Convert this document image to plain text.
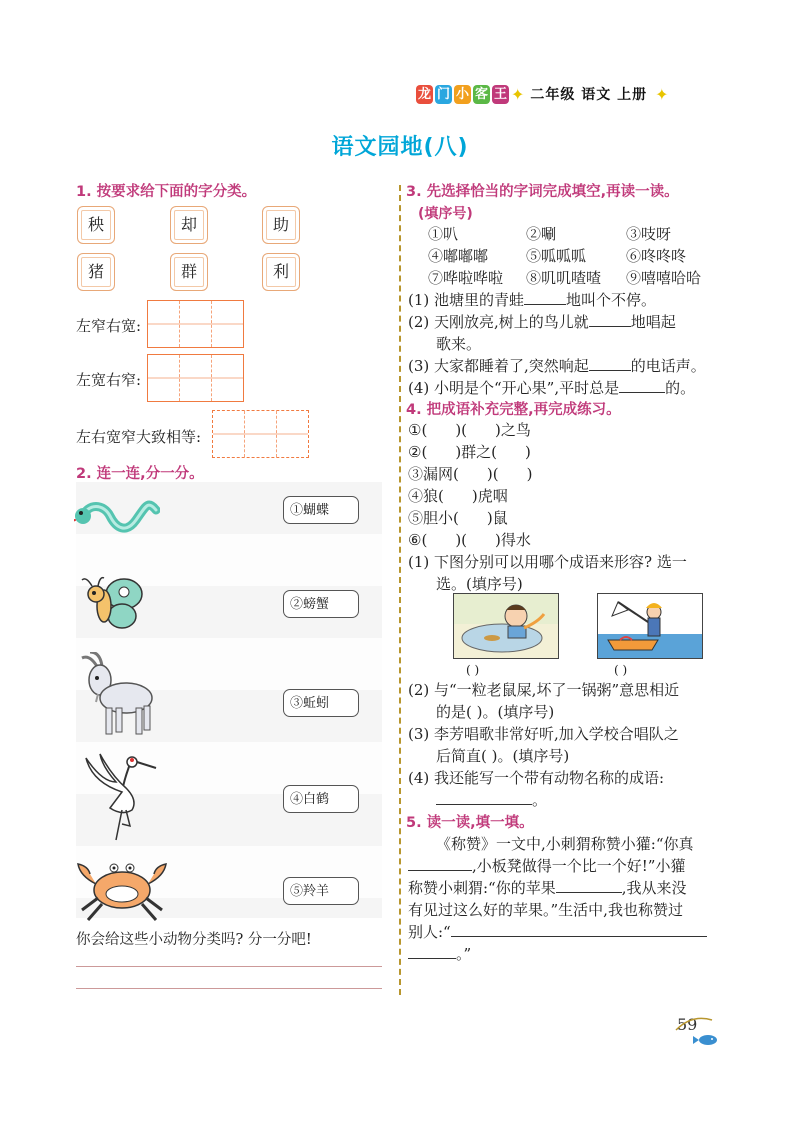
龙 门 小 客 王 ✦ 二年级 语文 上册 ✦
语文园地(八)
1. 按要求给下面的字分类。
秧	却	助
猪	群	利
左窄右宽:
左宽右窄:
左右宽窄大致相等:
2. 连一连,分一分。
①蝴蝶
②螃蟹
③蚯蚓
④白鹤
⑤羚羊
你会给这些小动物分类吗? 分一分吧!
3. 先选择恰当的字词完成填空,再读一读。
(填序号)
①叭	②唰	③吱呀
④嘟嘟嘟	⑤呱呱呱	⑥咚咚咚
⑦哗啦哗啦 ⑧叽叽喳喳 ⑨嘻嘻哈哈
(1) 池塘里的青蛙	地叫个不停。
(2) 天刚放亮,树上的鸟儿就	地唱起
歌来。
(3) 大家都睡着了,突然响起	的电话声。
(4) 小明是个“开心果”,平时总是	的。
4. 把成语补充完整,再完成练习。
①( )( )之鸟
②( )群之( )
③漏网( )( )
④狼( )虎咽
⑤胆小( )鼠
⑥( )( )得水
(1) 下图分别可以用哪个成语来形容? 选一
选。(填序号)
( )	( )
(2) 与“一粒老鼠屎,坏了一锅粥”意思相近
的是( )。(填序号)
(3) 李芳唱歌非常好听,加入学校合唱队之
后简直( )。(填序号)
(4) 我还能写一个带有动物名称的成语:
。
5. 读一读,填一填。
《称赞》一文中,小刺猬称赞小獾:“你真
,小板凳做得一个比一个好!”小獾
称赞小刺猬:“你的苹果	,我从来没
有见过这么好的苹果。”生活中,我也称赞过
别人:“
。”
59
